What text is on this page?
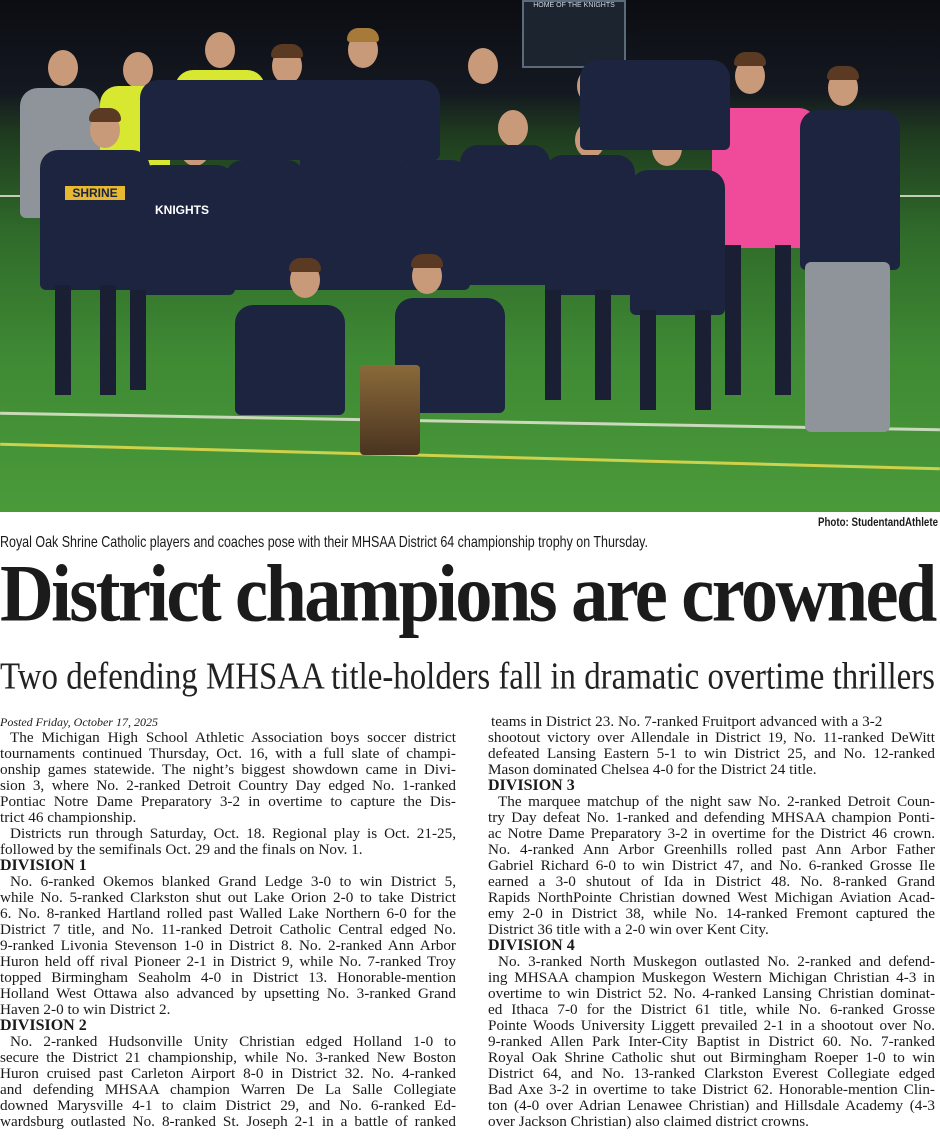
HOME OF THE KNIGHTS
SHRINE
KNIGHTS
Photo: StudentandAthlete
Royal Oak Shrine Catholic players and coaches pose with their MHSAA District 64 championship trophy on Thursday.
District champions are crowned
Two defending MHSAA title-holders fall in dramatic overtime thrillers
Posted Friday, October 17, 2025
The Michigan High School Athletic Association boys soccer district
tournaments continued Thursday, Oct. 16, with a full slate of champi-
onship games statewide. The night’s biggest showdown came in Divi-
sion 3, where No. 2-ranked Detroit Country Day edged No. 1-ranked
Pontiac Notre Dame Preparatory 3-2 in overtime to capture the Dis-
trict 46 championship.
Districts run through Saturday, Oct. 18. Regional play is Oct. 21-25,
followed by the semifinals Oct. 29 and the finals on Nov. 1.
DIVISION 1
No. 6-ranked Okemos blanked Grand Ledge 3-0 to win District 5,
while No. 5-ranked Clarkston shut out Lake Orion 2-0 to take District
6. No. 8-ranked Hartland rolled past Walled Lake Northern 6-0 for the
District 7 title, and No. 11-ranked Detroit Catholic Central edged No.
9-ranked Livonia Stevenson 1-0 in District 8. No. 2-ranked Ann Arbor
Huron held off rival Pioneer 2-1 in District 9, while No. 7-ranked Troy
topped Birmingham Seaholm 4-0 in District 13. Honorable-mention
Holland West Ottawa also advanced by upsetting No. 3-ranked Grand
Haven 2-0 to win District 2.
DIVISION 2
No. 2-ranked Hudsonville Unity Christian edged Holland 1-0 to
secure the District 21 championship, while No. 3-ranked New Boston
Huron cruised past Carleton Airport 8-0 in District 32. No. 4-ranked
and defending MHSAA champion Warren De La Salle Collegiate
downed Marysville 4-1 to claim District 29, and No. 6-ranked Ed-
wardsburg outlasted No. 8-ranked St. Joseph 2-1 in a battle of ranked
teams in District 23. No. 7-ranked Fruitport advanced with a 3-2
shootout victory over Allendale in District 19, No. 11-ranked DeWitt
defeated Lansing Eastern 5-1 to win District 25, and No. 12-ranked
Mason dominated Chelsea 4-0 for the District 24 title.
DIVISION 3
The marquee matchup of the night saw No. 2-ranked Detroit Coun-
try Day defeat No. 1-ranked and defending MHSAA champion Ponti-
ac Notre Dame Preparatory 3-2 in overtime for the District 46 crown.
No. 4-ranked Ann Arbor Greenhills rolled past Ann Arbor Father
Gabriel Richard 6-0 to win District 47, and No. 6-ranked Grosse Ile
earned a 3-0 shutout of Ida in District 48. No. 8-ranked Grand
Rapids NorthPointe Christian downed West Michigan Aviation Acad-
emy 2-0 in District 38, while No. 14-ranked Fremont captured the
District 36 title with a 2-0 win over Kent City.
DIVISION 4
No. 3-ranked North Muskegon outlasted No. 2-ranked and defend-
ing MHSAA champion Muskegon Western Michigan Christian 4-3 in
overtime to win District 52. No. 4-ranked Lansing Christian dominat-
ed Ithaca 7-0 for the District 61 title, while No. 6-ranked Grosse
Pointe Woods University Liggett prevailed 2-1 in a shootout over No.
9-ranked Allen Park Inter-City Baptist in District 60. No. 7-ranked
Royal Oak Shrine Catholic shut out Birmingham Roeper 1-0 to win
District 64, and No. 13-ranked Clarkston Everest Collegiate edged
Bad Axe 3-2 in overtime to take District 62. Honorable-mention Clin-
ton (4-0 over Adrian Lenawee Christian) and Hillsdale Academy (4-3
over Jackson Christian) also claimed district crowns.
